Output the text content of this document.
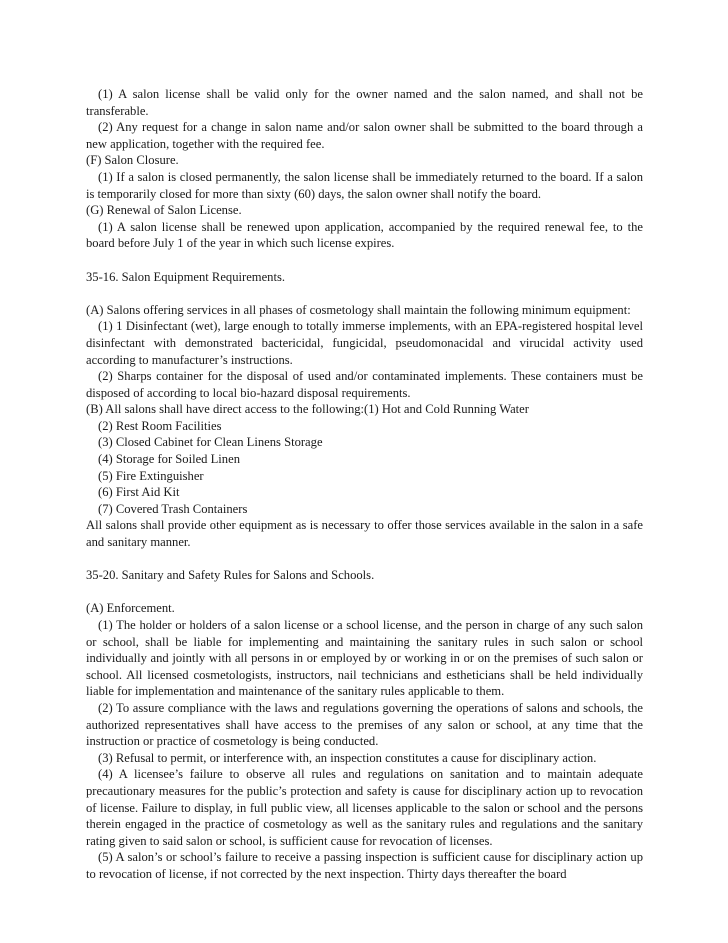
(1) A salon license shall be valid only for the owner named and the salon named, and shall not be transferable.

(2) Any request for a change in salon name and/or salon owner shall be submitted to the board through a new application, together with the required fee.

(F) Salon Closure.

(1) If a salon is closed permanently, the salon license shall be immediately returned to the board. If a salon is temporarily closed for more than sixty (60) days, the salon owner shall notify the board.

(G) Renewal of Salon License.

(1) A salon license shall be renewed upon application, accompanied by the required renewal fee, to the board before July 1 of the year in which such license expires.

35-16. Salon Equipment Requirements.

(A) Salons offering services in all phases of cosmetology shall maintain the following minimum equipment:

(1) 1 Disinfectant (wet), large enough to totally immerse implements, with an EPA-registered hospital level disinfectant with demonstrated bactericidal, fungicidal, pseudomonacidal and virucidal activity used according to manufacturer’s instructions.

(2) Sharps container for the disposal of used and/or contaminated implements. These containers must be disposed of according to local bio-hazard disposal requirements.

(B) All salons shall have direct access to the following:(1) Hot and Cold Running Water

(2) Rest Room Facilities

(3) Closed Cabinet for Clean Linens Storage

(4) Storage for Soiled Linen

(5) Fire Extinguisher

(6) First Aid Kit

(7) Covered Trash Containers

All salons shall provide other equipment as is necessary to offer those services available in the salon in a safe and sanitary manner.

35-20. Sanitary and Safety Rules for Salons and Schools.

(A) Enforcement.

(1) The holder or holders of a salon license or a school license, and the person in charge of any such salon or school, shall be liable for implementing and maintaining the sanitary rules in such salon or school individually and jointly with all persons in or employed by or working in or on the premises of such salon or school. All licensed cosmetologists, instructors, nail technicians and estheticians shall be held individually liable for implementation and maintenance of the sanitary rules applicable to them.

(2) To assure compliance with the laws and regulations governing the operations of salons and schools, the authorized representatives shall have access to the premises of any salon or school, at any time that the instruction or practice of cosmetology is being conducted.

(3) Refusal to permit, or interference with, an inspection constitutes a cause for disciplinary action.

(4) A licensee’s failure to observe all rules and regulations on sanitation and to maintain adequate precautionary measures for the public’s protection and safety is cause for disciplinary action up to revocation of license. Failure to display, in full public view, all licenses applicable to the salon or school and the persons therein engaged in the practice of cosmetology as well as the sanitary rules and regulations and the sanitary rating given to said salon or school, is sufficient cause for revocation of licenses.

(5) A salon’s or school’s failure to receive a passing inspection is sufficient cause for disciplinary action up to revocation of license, if not corrected by the next inspection. Thirty days thereafter the board
